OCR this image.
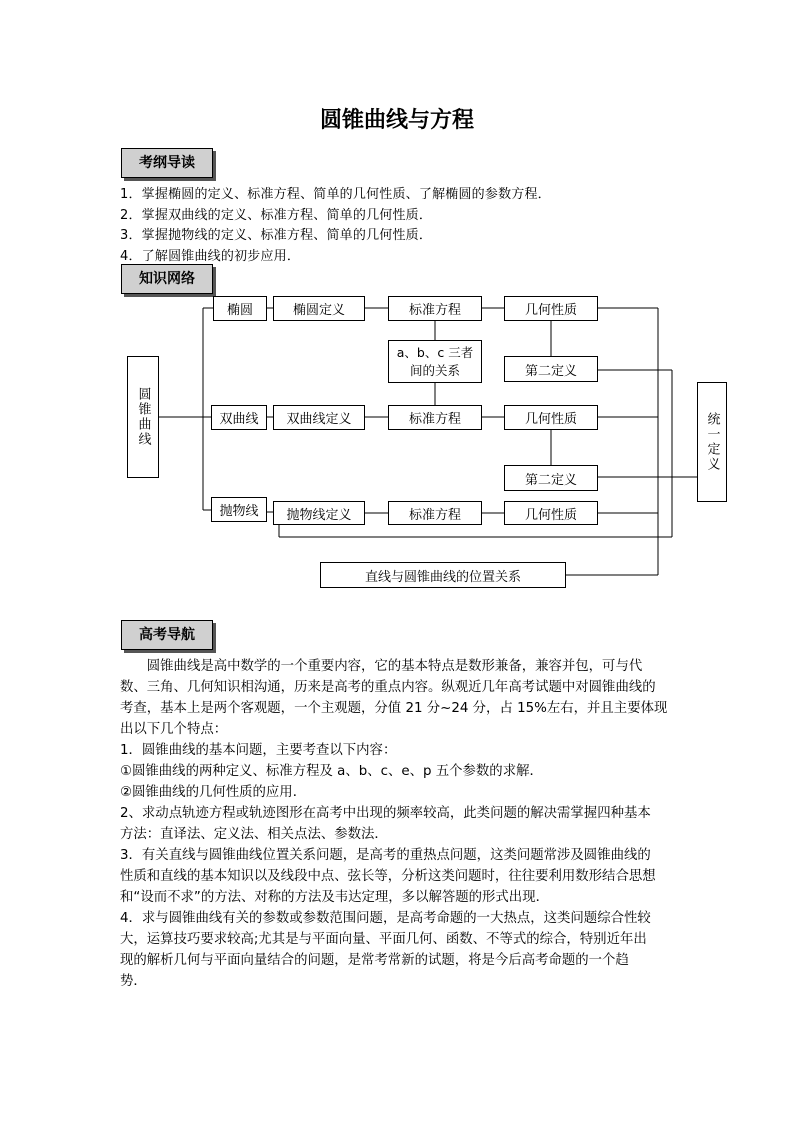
圆锥曲线与方程
考纲导读
1．掌握椭圆的定义、标准方程、简单的几何性质、了解椭圆的参数方程．
2．掌握双曲线的定义、标准方程、简单的几何性质．
3．掌握抛物线的定义、标准方程、简单的几何性质．
4．了解圆锥曲线的初步应用．
知识网络
圆锥曲线
椭圆	椭圆定义	标准方程	几何性质
a、b、c 三者间的关系	第二定义
双曲线	双曲线定义	标准方程	几何性质
第二定义
抛物线	抛物线定义	标准方程	几何性质
统一定义
直线与圆锥曲线的位置关系
高考导航
　　圆锥曲线是高中数学的一个重要内容，它的基本特点是数形兼备，兼容并包，可与代
数、三角、几何知识相沟通，历来是高考的重点内容。纵观近几年高考试题中对圆锥曲线的
考查，基本上是两个客观题，一个主观题，分值 21 分~24 分，占 15%左右，并且主要体现
出以下几个特点：
1．圆锥曲线的基本问题，主要考查以下内容：
①圆锥曲线的两种定义、标准方程及 a、b、c、e、p 五个参数的求解．
②圆锥曲线的几何性质的应用．
2、求动点轨迹方程或轨迹图形在高考中出现的频率较高，此类问题的解决需掌握四种基本
方法：直译法、定义法、相关点法、参数法．
3．有关直线与圆锥曲线位置关系问题，是高考的重热点问题，这类问题常涉及圆锥曲线的
性质和直线的基本知识以及线段中点、弦长等，分析这类问题时，往往要利用数形结合思想
和“设而不求”的方法、对称的方法及韦达定理，多以解答题的形式出现．
4．求与圆锥曲线有关的参数或参数范围问题，是高考命题的一大热点，这类问题综合性较
大，运算技巧要求较高;尤其是与平面向量、平面几何、函数、不等式的综合，特别近年出
现的解析几何与平面向量结合的问题，是常考常新的试题，将是今后高考命题的一个趋
势．
